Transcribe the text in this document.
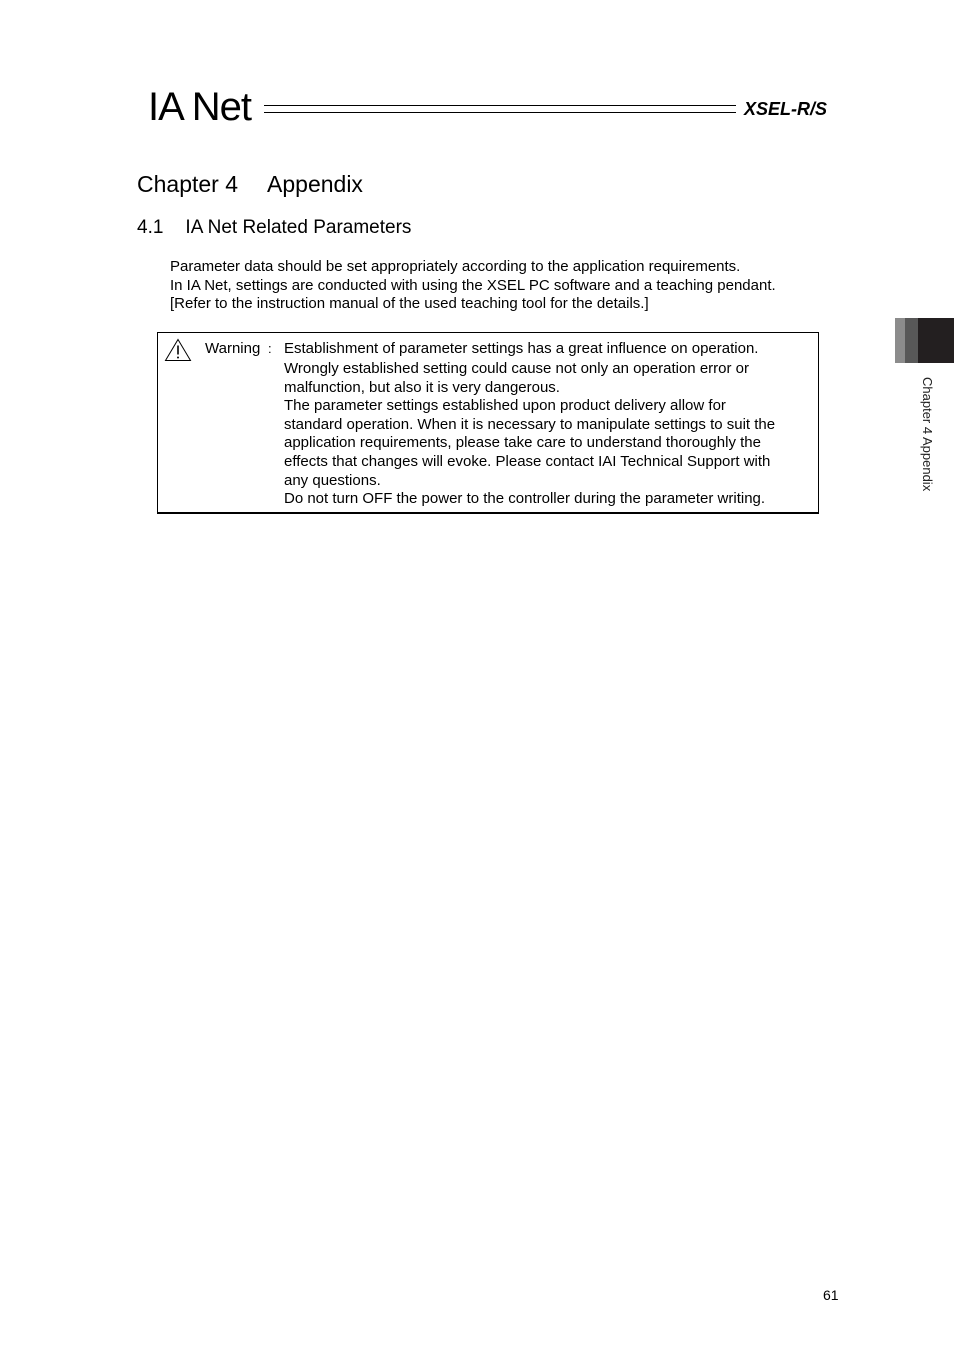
IA Net	XSEL-R/S
Chapter 4 Appendix
4.1 IA Net Related Parameters
Parameter data should be set appropriately according to the application requirements.
In IA Net, settings are conducted with using the XSEL PC software and a teaching pendant.
[Refer to the instruction manual of the used teaching tool for the details.]
Warning : Establishment of parameter settings has a great influence on operation.
Wrongly established setting could cause not only an operation error or
malfunction, but also it is very dangerous.
The parameter settings established upon product delivery allow for
standard operation. When it is necessary to manipulate settings to suit the
application requirements, please take care to understand thoroughly the
effects that changes will evoke. Please contact IAI Technical Support with
any questions.
Do not turn OFF the power to the controller during the parameter writing.
Chapter 4 Appendix
61
